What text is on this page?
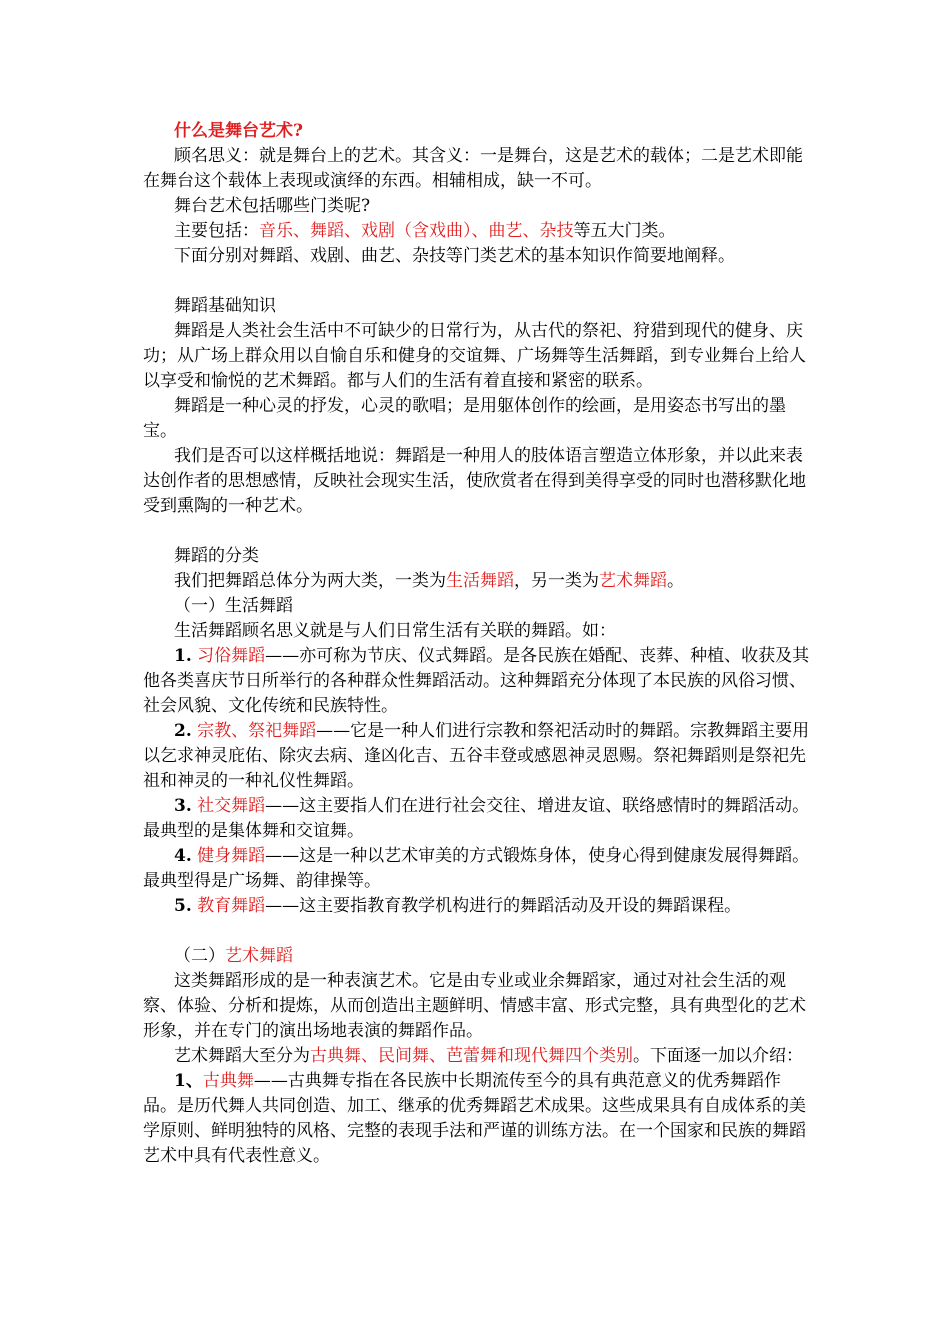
什么是舞台艺术?

顾名思义：就是舞台上的艺术。其含义：一是舞台，这是艺术的载体；二是艺术即能在舞台这个载体上表现或演绎的东西。相辅相成，缺一不可。

舞台艺术包括哪些门类呢?

主要包括：音乐、舞蹈、戏剧（含戏曲）、曲艺、杂技等五大门类。

下面分别对舞蹈、戏剧、曲艺、杂技等门类艺术的基本知识作简要地阐释。

舞蹈基础知识

舞蹈是人类社会生活中不可缺少的日常行为，从古代的祭祀、狩猎到现代的健身、庆功；从广场上群众用以自愉自乐和健身的交谊舞、广场舞等生活舞蹈，到专业舞台上给人以享受和愉悦的艺术舞蹈。都与人们的生活有着直接和紧密的联系。

舞蹈是一种心灵的抒发，心灵的歌唱；是用躯体创作的绘画，是用姿态书写出的墨宝。

我们是否可以这样概括地说：舞蹈是一种用人的肢体语言塑造立体形象，并以此来表达创作者的思想感情，反映社会现实生活，使欣赏者在得到美得享受的同时也潜移默化地受到熏陶的一种艺术。

舞蹈的分类

我们把舞蹈总体分为两大类，一类为生活舞蹈，另一类为艺术舞蹈。

（一）生活舞蹈

生活舞蹈顾名思义就是与人们日常生活有关联的舞蹈。如：

1. 习俗舞蹈——亦可称为节庆、仪式舞蹈。是各民族在婚配、丧葬、种植、收获及其他各类喜庆节日所举行的各种群众性舞蹈活动。这种舞蹈充分体现了本民族的风俗习惯、社会风貌、文化传统和民族特性。

2. 宗教、祭祀舞蹈——它是一种人们进行宗教和祭祀活动时的舞蹈。宗教舞蹈主要用以乞求神灵庇佑、除灾去病、逢凶化吉、五谷丰登或感恩神灵恩赐。祭祀舞蹈则是祭祀先祖和神灵的一种礼仪性舞蹈。

3. 社交舞蹈——这主要指人们在进行社会交往、增进友谊、联络感情时的舞蹈活动。最典型的是集体舞和交谊舞。

4. 健身舞蹈——这是一种以艺术审美的方式锻炼身体，使身心得到健康发展得舞蹈。最典型得是广场舞、韵律操等。

5. 教育舞蹈——这主要指教育教学机构进行的舞蹈活动及开设的舞蹈课程。

（二）艺术舞蹈

这类舞蹈形成的是一种表演艺术。它是由专业或业余舞蹈家，通过对社会生活的观察、体验、分析和提炼，从而创造出主题鲜明、情感丰富、形式完整，具有典型化的艺术形象，并在专门的演出场地表演的舞蹈作品。

艺术舞蹈大至分为古典舞、民间舞、芭蕾舞和现代舞四个类别。下面逐一加以介绍：

1、古典舞——古典舞专指在各民族中长期流传至今的具有典范意义的优秀舞蹈作品。是历代舞人共同创造、加工、继承的优秀舞蹈艺术成果。这些成果具有自成体系的美学原则、鲜明独特的风格、完整的表现手法和严谨的训练方法。在一个国家和民族的舞蹈艺术中具有代表性意义。
